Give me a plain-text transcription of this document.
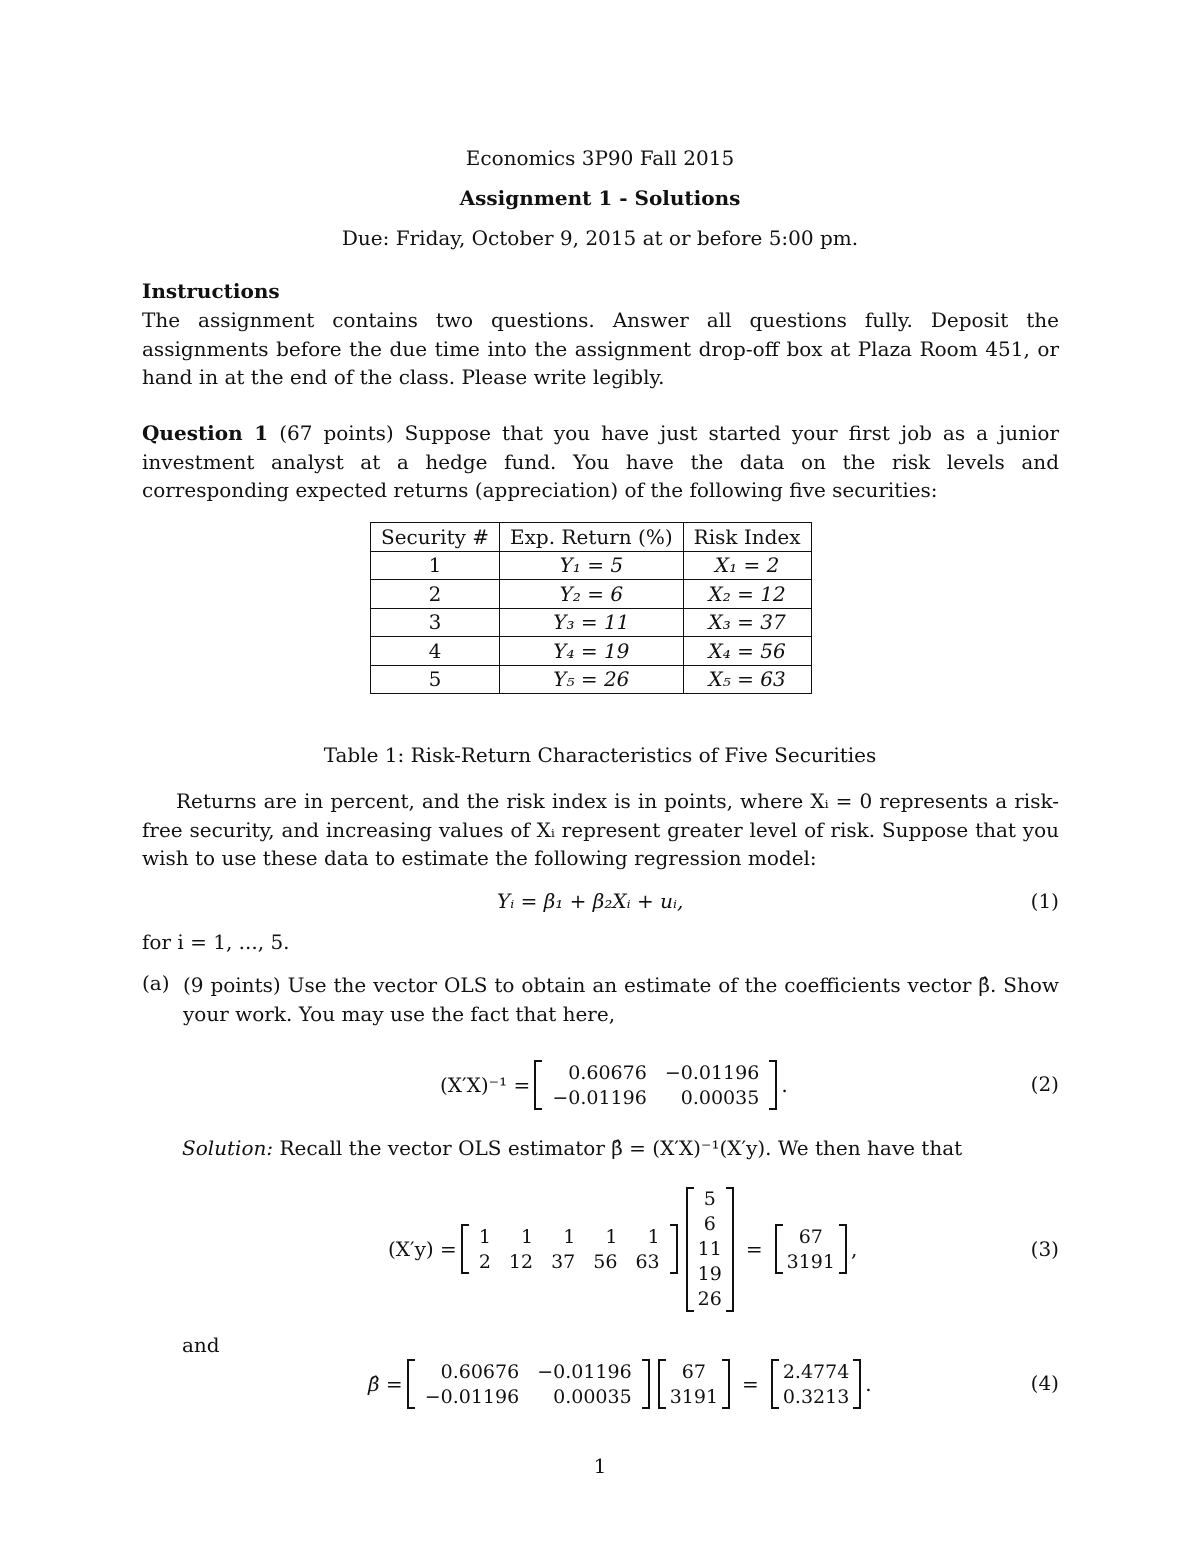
Economics 3P90 Fall 2015
Assignment 1 - Solutions
Due: Friday, October 9, 2015 at or before 5:00 pm.
Instructions
The assignment contains two questions. Answer all questions fully. Deposit the assignments before the due time into the assignment drop-off box at Plaza Room 451, or hand in at the end of the class. Please write legibly.
Question 1 (67 points) Suppose that you have just started your first job as a junior investment analyst at a hedge fund. You have the data on the risk levels and corresponding expected returns (appreciation) of the following five securities:
Security #	Exp. Return (%)	Risk Index
1	Y₁ = 5	X₁ = 2
2	Y₂ = 6	X₂ = 12
3	Y₃ = 11	X₃ = 37
4	Y₄ = 19	X₄ = 56
5	Y₅ = 26	X₅ = 63
Table 1: Risk-Return Characteristics of Five Securities
Returns are in percent, and the risk index is in points, where Xᵢ = 0 represents a risk-free security, and increasing values of Xᵢ represent greater level of risk. Suppose that you wish to use these data to estimate the following regression model:
Yᵢ = β₁ + β₂Xᵢ + uᵢ,	(1)
for i = 1, ..., 5.
(a) (9 points) Use the vector OLS to obtain an estimate of the coefficients vector β̂. Show your work. You may use the fact that here,
(X′X)⁻¹ =
0.60676	−0.01196
−0.01196	0.00035
.	(2)
Solution: Recall the vector OLS estimator β̂ = (X′X)⁻¹(X′y). We then have that
(X′y) =
1	1	1	1	1
2	12	37	56	63
5
6
11
19
26
=
67
3191
,	(3)
and
β̂ =
0.60676	−0.01196
−0.01196	0.00035
67
3191
=
2.4774
0.3213
.	(4)
1
